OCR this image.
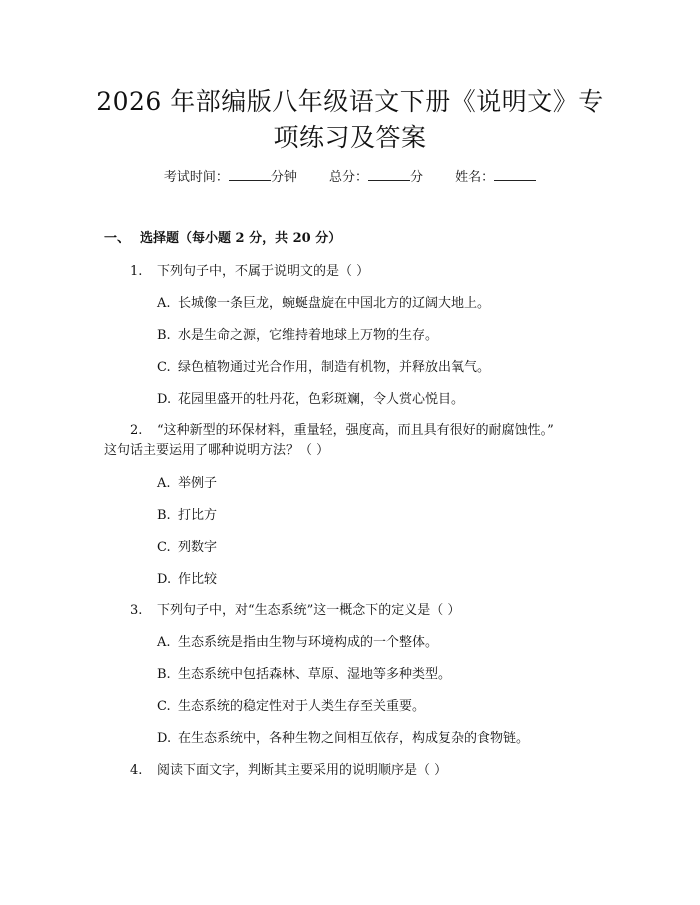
2026 年部编版八年级语文下册《说明文》专
项练习及答案
考试时间：	分钟 总分：	分 姓名：
一、 选择题（每小题 2 分，共 20 分）
1. 下列句子中，不属于说明文的是（ ）
A. 长城像一条巨龙，蜿蜒盘旋在中国北方的辽阔大地上。
B. 水是生命之源，它维持着地球上万物的生存。
C. 绿色植物通过光合作用，制造有机物，并释放出氧气。
D. 花园里盛开的牡丹花，色彩斑斓，令人赏心悦目。
2. “这种新型的环保材料，重量轻，强度高，而且具有很好的耐腐蚀性。”
这句话主要运用了哪种说明方法？（ ）
A. 举例子
B. 打比方
C. 列数字
D. 作比较
3. 下列句子中，对“生态系统”这一概念下的定义是（ ）
A. 生态系统是指由生物与环境构成的一个整体。
B. 生态系统中包括森林、草原、湿地等多种类型。
C. 生态系统的稳定性对于人类生存至关重要。
D. 在生态系统中，各种生物之间相互依存，构成复杂的食物链。
4. 阅读下面文字，判断其主要采用的说明顺序是（ ）
